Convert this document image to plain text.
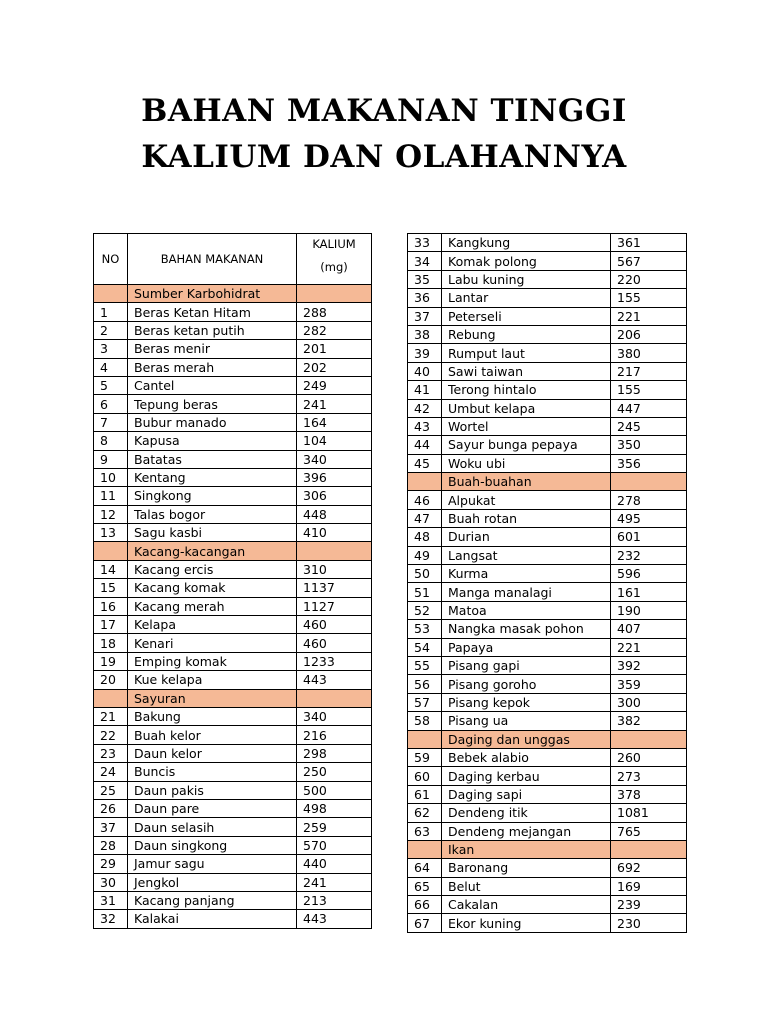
BAHAN MAKANAN TINGGI
KALIUM DAN OLAHANNYA
NO	BAHAN MAKANAN	KALIUM
(mg)

	Sumber Karbohidrat	
1	Beras Ketan Hitam	288
2	Beras ketan putih	282
3	Beras menir	201
4	Beras merah	202
5	Cantel	249
6	Tepung beras	241
7	Bubur manado	164
8	Kapusa	104
9	Batatas	340
10	Kentang	396
11	Singkong	306
12	Talas bogor	448
13	Sagu kasbi	410
	Kacang-kacangan	
14	Kacang ercis	310
15	Kacang komak	1137
16	Kacang merah	1127
17	Kelapa	460
18	Kenari	460
19	Emping komak	1233
20	Kue kelapa	443
	Sayuran	
21	Bakung	340
22	Buah kelor	216
23	Daun kelor	298
24	Buncis	250
25	Daun pakis	500
26	Daun pare	498
37	Daun selasih	259
28	Daun singkong	570
29	Jamur sagu	440
30	Jengkol	241
31	Kacang panjang	213
32	Kalakai	443
33	Kangkung	361
34	Komak polong	567
35	Labu kuning	220
36	Lantar	155
37	Peterseli	221
38	Rebung	206
39	Rumput laut	380
40	Sawi taiwan	217
41	Terong hintalo	155
42	Umbut kelapa	447
43	Wortel	245
44	Sayur bunga pepaya	350
45	Woku ubi	356
	Buah-buahan	
46	Alpukat	278
47	Buah rotan	495
48	Durian	601
49	Langsat	232
50	Kurma	596
51	Manga manalagi	161
52	Matoa	190
53	Nangka masak pohon	407
54	Papaya	221
55	Pisang gapi	392
56	Pisang goroho	359
57	Pisang kepok	300
58	Pisang ua	382
	Daging dan unggas	
59	Bebek alabio	260
60	Daging kerbau	273
61	Daging sapi	378
62	Dendeng itik	1081
63	Dendeng mejangan	765
	Ikan	
64	Baronang	692
65	Belut	169
66	Cakalan	239
67	Ekor kuning	230
